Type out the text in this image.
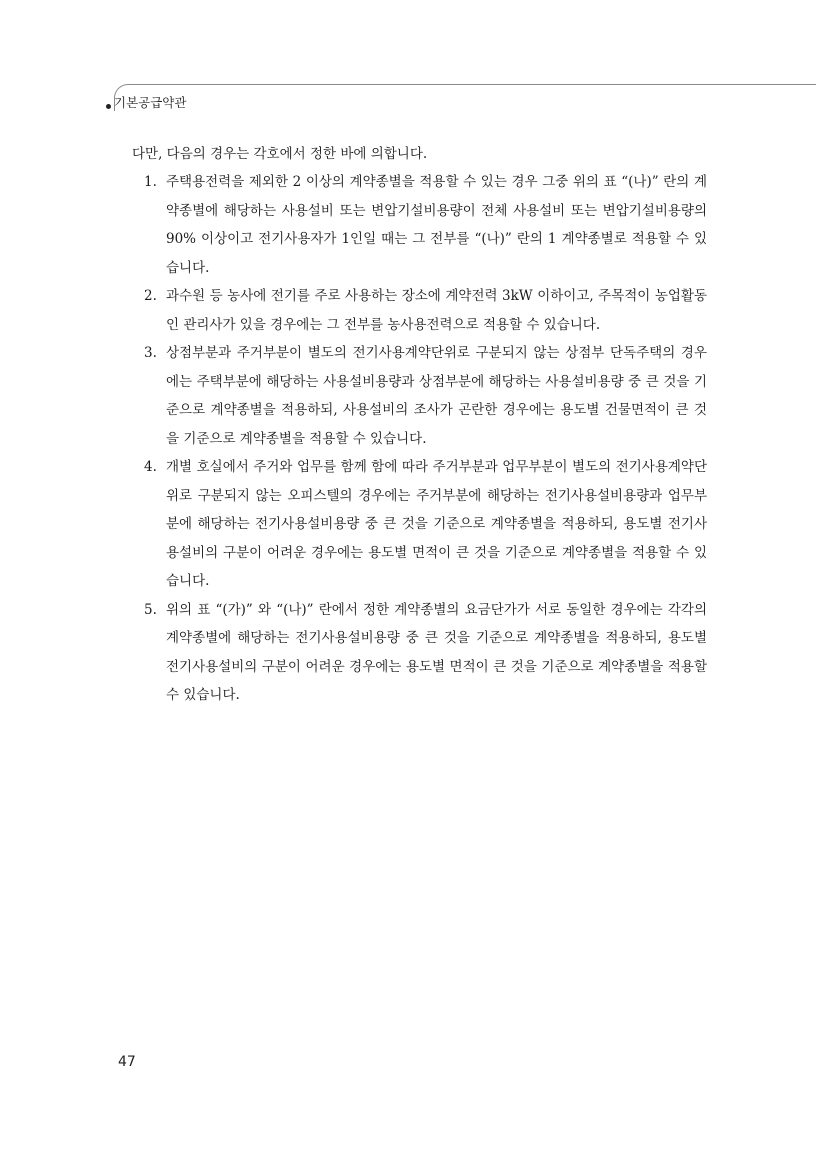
기본공급약관

다만, 다음의 경우는 각호에서 정한 바에 의합니다.

1. 주택용전력을 제외한 2 이상의 계약종별을 적용할 수 있는 경우 그중 위의 표 “(나)” 란의 계약종별에 해당하는 사용설비 또는 변압기설비용량이 전체 사용설비 또는 변압기설비용량의 90% 이상이고 전기사용자가 1인일 때는 그 전부를 “(나)” 란의 1 계약종별로 적용할 수 있습니다.
2. 과수원 등 농사에 전기를 주로 사용하는 장소에 계약전력 3kW 이하이고, 주목적이 농업활동인 관리사가 있을 경우에는 그 전부를 농사용전력으로 적용할 수 있습니다.
3. 상점부분과 주거부분이 별도의 전기사용계약단위로 구분되지 않는 상점부 단독주택의 경우에는 주택부분에 해당하는 사용설비용량과 상점부분에 해당하는 사용설비용량 중 큰 것을 기준으로 계약종별을 적용하되, 사용설비의 조사가 곤란한 경우에는 용도별 건물면적이 큰 것을 기준으로 계약종별을 적용할 수 있습니다.
4. 개별 호실에서 주거와 업무를 함께 함에 따라 주거부분과 업무부분이 별도의 전기사용계약단위로 구분되지 않는 오피스텔의 경우에는 주거부분에 해당하는 전기사용설비용량과 업무부분에 해당하는 전기사용설비용량 중 큰 것을 기준으로 계약종별을 적용하되, 용도별 전기사용설비의 구분이 어려운 경우에는 용도별 면적이 큰 것을 기준으로 계약종별을 적용할 수 있습니다.
5. 위의 표 “(가)” 와 “(나)” 란에서 정한 계약종별의 요금단가가 서로 동일한 경우에는 각각의 계약종별에 해당하는 전기사용설비용량 중 큰 것을 기준으로 계약종별을 적용하되, 용도별 전기사용설비의 구분이 어려운 경우에는 용도별 면적이 큰 것을 기준으로 계약종별을 적용할 수 있습니다.
47
